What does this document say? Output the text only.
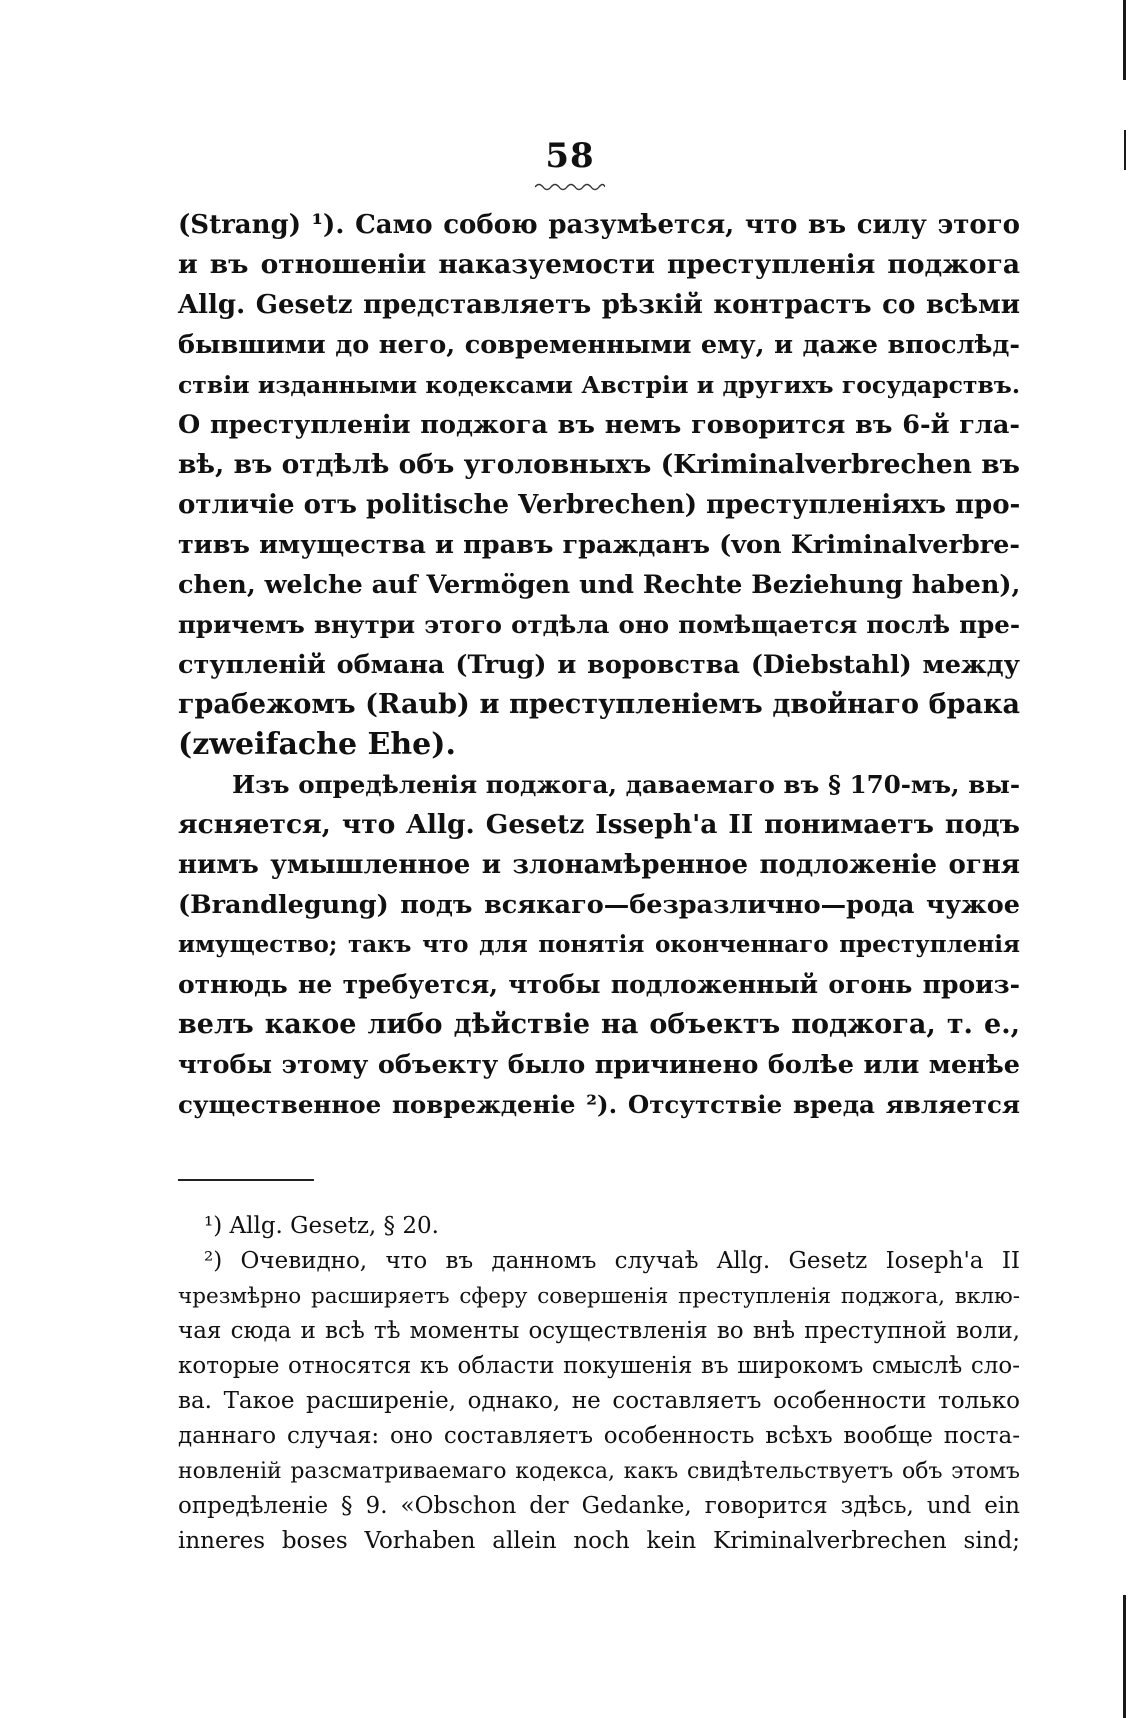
58
(Strang) ¹). Само собою разумѣется, что въ силу этого
и въ отношеніи наказуемости преступленія поджога
Allg. Gesetz представляетъ рѣзкій контрастъ со всѣми
бывшими до него, современными ему, и даже впослѣд-
ствіи изданными кодексами Австріи и другихъ государствъ.
О преступленіи поджога въ немъ говорится въ 6-й гла-
вѣ, въ отдѣлѣ объ уголовныхъ (Kriminalverbrechen въ
отличіе отъ politische Verbrechen) преступленіяхъ про-
тивъ имущества и правъ гражданъ (von Kriminalverbre-
chen, welche auf Vermögen und Rechte Beziehung haben),
причемъ внутри этого отдѣла оно помѣщается послѣ пре-
ступленій обмана (Trug) и воровства (Diebstahl) между
грабежомъ (Raub) и преступленіемъ двойнаго брака
(zweifache Ehe).
Изъ опредѣленія поджога, даваемаго въ § 170-мъ, вы-
ясняется, что Allg. Gesetz Isseph'a II понимаетъ подъ
нимъ умышленное и злонамѣренное подложеніе огня
(Brandlegung) подъ всякаго—безразлично—рода чужое
имущество; такъ что для понятія оконченнаго преступленія
отнюдь не требуется, чтобы подложенный огонь произ-
велъ какое либо дѣйствіе на объектъ поджога, т. е.,
чтобы этому объекту было причинено болѣе или менѣе
существенное поврежденіе ²). Отсутствіе вреда является
¹) Allg. Gesetz, § 20.
²) Очевидно, что въ данномъ случаѣ Allg. Gesetz Ioseph'a II
чрезмѣрно расширяетъ сферу совершенія преступленія поджога, вклю-
чая сюда и всѣ тѣ моменты осуществленія во внѣ преступной воли,
которые относятся къ области покушенія въ широкомъ смыслѣ сло-
ва. Такое расширеніе, однако, не составляетъ особенности только
даннаго случая: оно составляетъ особенность всѣхъ вообще поста-
новленій разсматриваемаго кодекса, какъ свидѣтельствуетъ объ этомъ
опредѣленіе § 9. «Obschon der Gedanke, говорится здѣсь, und ein
inneres boses Vorhaben allein noch kein Kriminalverbrechen sind;
